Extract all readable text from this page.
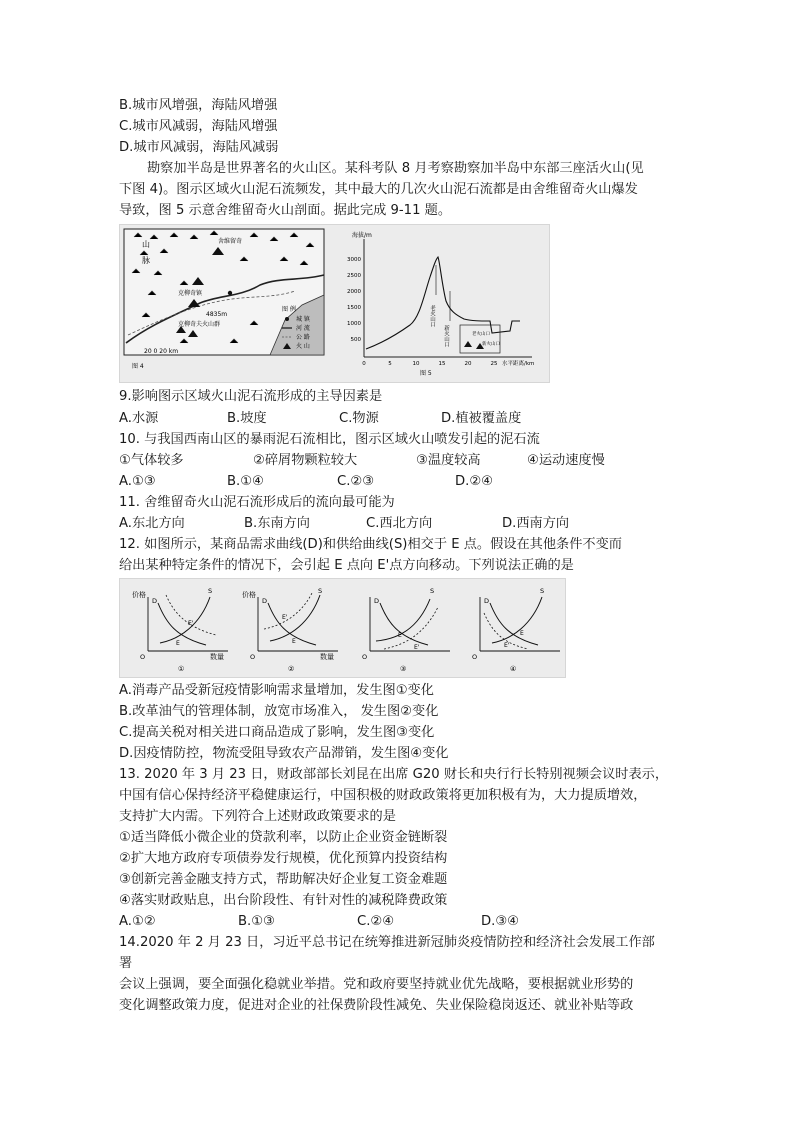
B.城市风增强，海陆风增强
C.城市风减弱，海陆风增强
D.城市风减弱，海陆风减弱
勘察加半岛是世界著名的火山区。某科考队 8 月考察勘察加半岛中东部三座活火山(见
下图 4)。图示区域火山泥石流频发，其中最大的几次火山泥石流都是由舍维留奇火山爆发
导致，图 5 示意舍维留奇火山剖面。据此完成 9-11 题。
山
脉
舍维留奇
克柳奇镇
4835m
克柳奇夫火山群
20 0 20 km
图 4
图 例
城 镇
河 流
公 路
火 山
海拔/m
3000
2500
2000
1500
1000
500
0	5	10	15	20	25 水平距离/km
老火山口
新火山口	老火山口
新火山口
图 5
9.影响图示区域火山泥石流形成的主导因素是
A.水源	B.坡度	C.物源	D.植被覆盖度
10. 与我国西南山区的暴雨泥石流相比，图示区域火山喷发引起的泥石流
①气体较多	②碎屑物颗粒较大	③温度较高	④运动速度慢
A.①③	B.①④	C.②③	D.②④
11. 舍维留奇火山泥石流形成后的流向最可能为
A.东北方向	B.东南方向	C.西北方向	D.西南方向
12. 如图所示，某商品需求曲线(D)和供给曲线(S)相交于 E 点。假设在其他条件不变而
给出某种特定条件的情况下，会引起 E 点向 E'点方向移动。下列说法正确的是
价格
O	数量
D
S
E
E'
①
价格
O	数量
D
S
E
E'
②
O
D
S
E
E'
③
O
D
S
E
E'
④
A.消毒产品受新冠疫情影响需求量增加，发生图①变化
B.改革油气的管理体制，放宽市场准入， 发生图②变化
C.提高关税对相关进口商品造成了影响，发生图③变化
D.因疫情防控，物流受阻导致农产品滞销，发生图④变化
13. 2020 年 3 月 23 日，财政部部长刘昆在出席 G20 财长和央行行长特别视频会议时表示，
中国有信心保持经济平稳健康运行，中国积极的财政政策将更加积极有为，大力提质增效，
支持扩大内需。下列符合上述财政政策要求的是
①适当降低小微企业的贷款利率，以防止企业资金链断裂
②扩大地方政府专项债券发行规模，优化预算内投资结构
③创新完善金融支持方式，帮助解决好企业复工资金难题
④落实财政贴息，出台阶段性、有针对性的减税降费政策
A.①②	B.①③	C.②④	D.③④
14.2020 年 2 月 23 日，习近平总书记在统筹推进新冠肺炎疫情防控和经济社会发展工作部
署
会议上强调，要全面强化稳就业举措。党和政府要坚持就业优先战略，要根据就业形势的
变化调整政策力度，促进对企业的社保费阶段性减免、失业保险稳岗返还、就业补贴等政
